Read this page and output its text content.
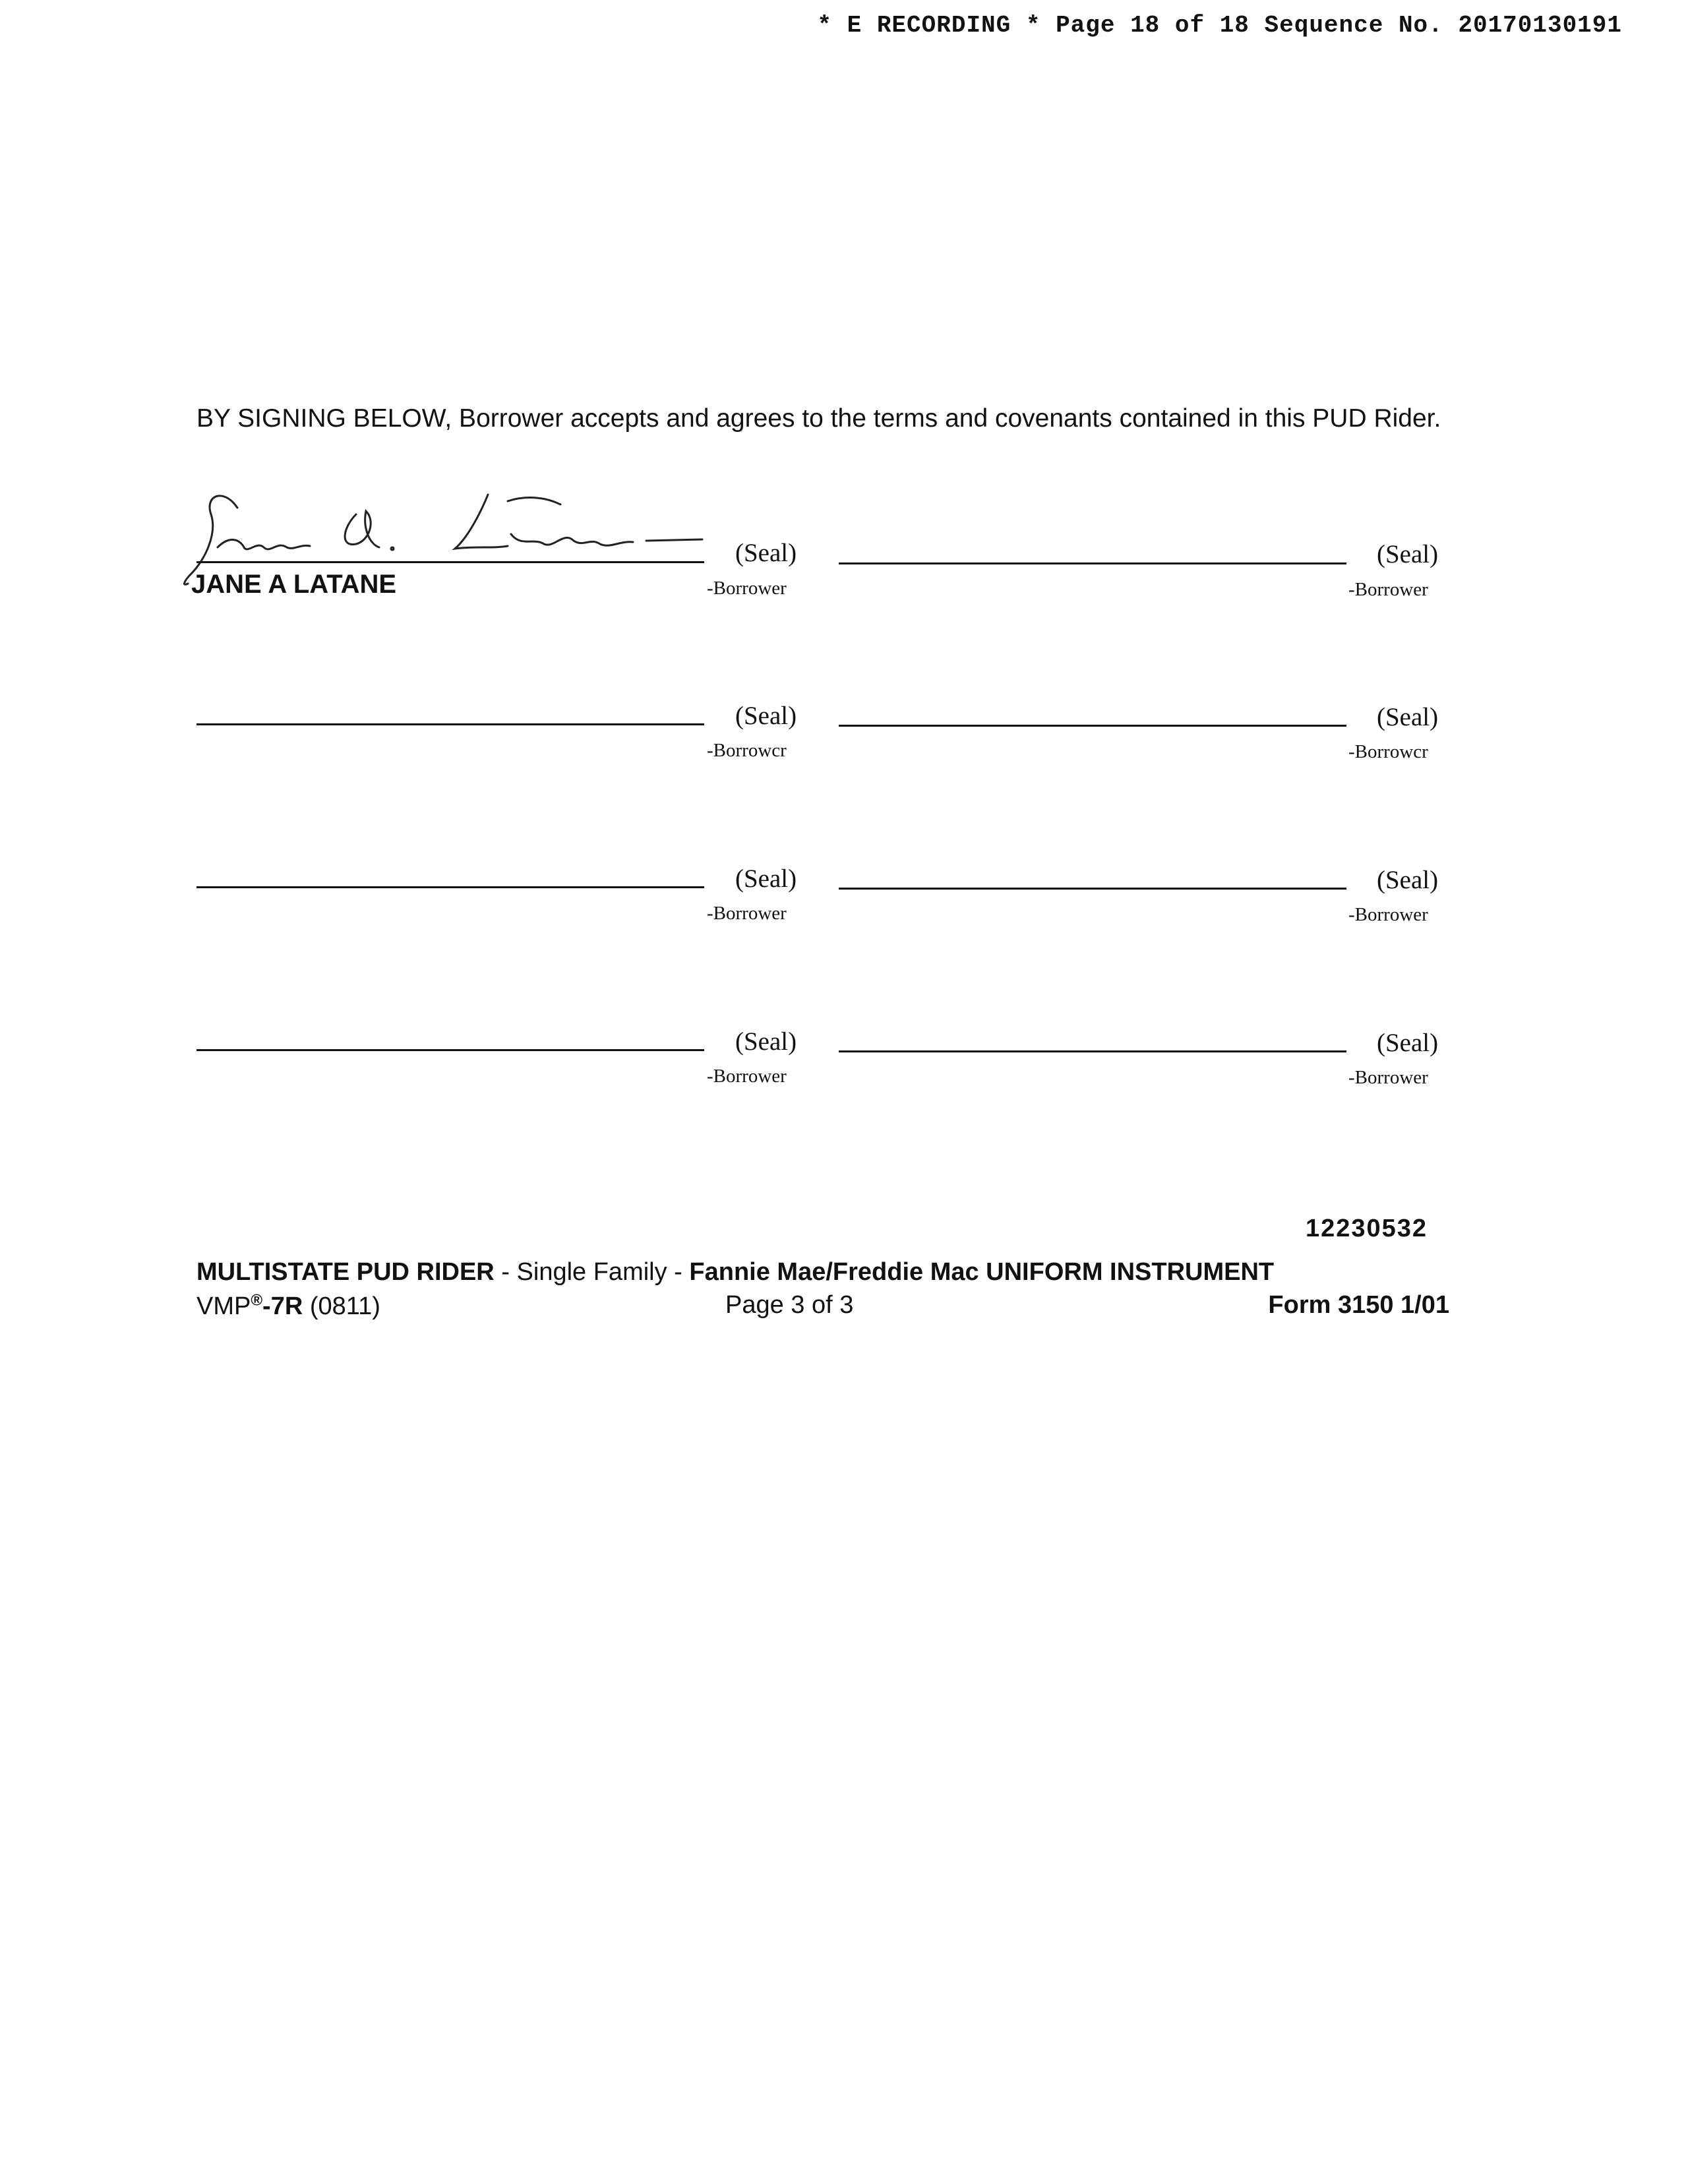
* E RECORDING * Page 18 of 18 Sequence No. 20170130191
BY SIGNING BELOW, Borrower accepts and agrees to the terms and covenants contained in this PUD Rider.
(Seal)
-Borrower
JANE A LATANE
(Seal)
-Borrower
(Seal)
-Borrowcr
(Seal)
-Borrowcr
(Seal)
-Borrower
(Seal)
-Borrower
(Seal)
-Borrower
(Seal)
-Borrower
12230532
MULTISTATE PUD RIDER - Single Family - Fannie Mae/Freddie Mac UNIFORM INSTRUMENT
VMP®-7R (0811)	Page 3 of 3	Form 3150 1/01
